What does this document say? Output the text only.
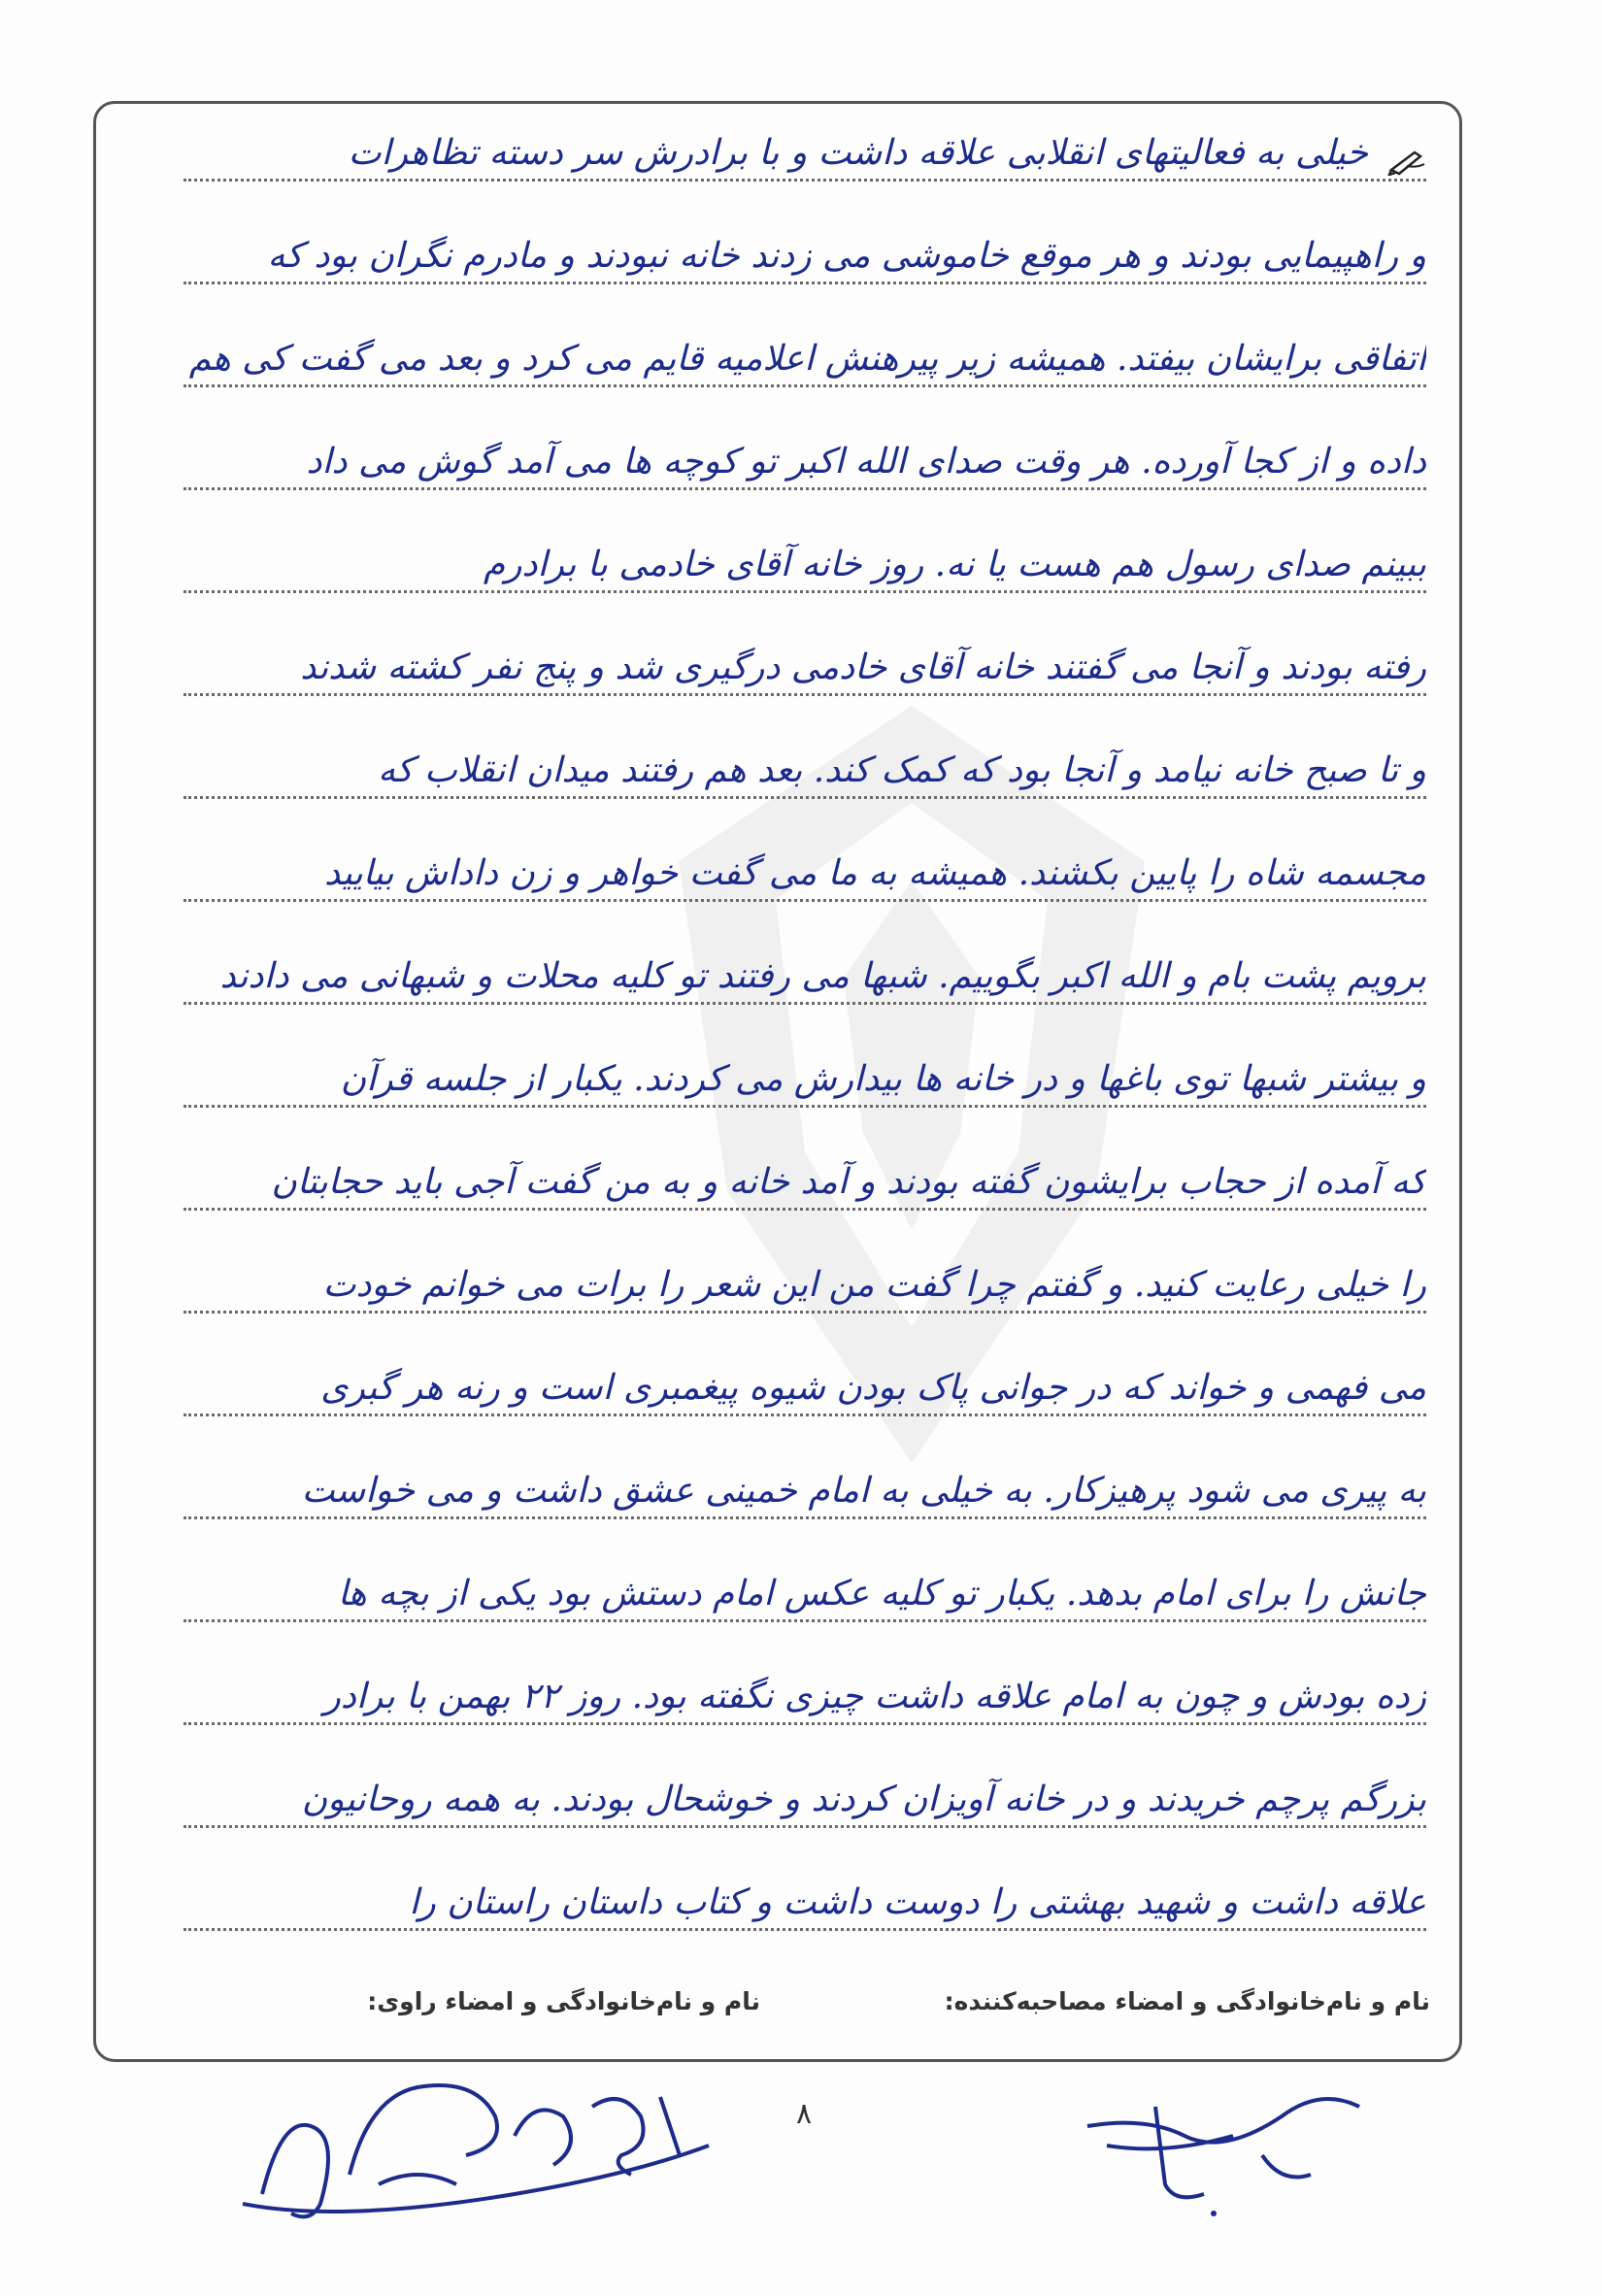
خیلی به فعالیتهای انقلابی علاقه داشت و با برادرش سر دسته تظاهرات
و راهپیمایی بودند و هر موقع خاموشی می زدند خانه نبودند و مادرم نگران بود که
اتفاقی برایشان بیفتد. همیشه زیر پیرهنش اعلامیه قایم می کرد و بعد می گفت کی هم
داده و از کجا آورده. هر وقت صدای الله اکبر تو کوچه ها می آمد گوش می داد
ببینم صدای رسول هم هست یا نه. روز خانه آقای خادمی با برادرم
رفته بودند و آنجا می گفتند خانه آقای خادمی درگیری شد و پنج نفر کشته شدند
و تا صبح خانه نیامد و آنجا بود که کمک کند. بعد هم رفتند میدان انقلاب که
مجسمه شاه را پایین بکشند. همیشه به ما می گفت خواهر و زن داداش بیایید
برویم پشت بام و الله اکبر بگوییم. شبها می رفتند تو کلیه محلات و شبهانی می دادند
و بیشتر شبها توی باغها و در خانه ها بیدارش می کردند. یکبار از جلسه قرآن
که آمده از حجاب برایشون گفته بودند و آمد خانه و به من گفت آجی باید حجابتان
را خیلی رعایت کنید. و گفتم چرا گفت من این شعر را برات می خوانم خودت
می فهمی و خواند که در جوانی پاک بودن شیوه پیغمبری است و رنه هر گبری
به پیری می شود پرهیزکار. به خیلی به امام خمینی عشق داشت و می خواست
جانش را برای امام بدهد. یکبار تو کلیه عکس امام دستش بود یکی از بچه ها
زده بودش و چون به امام علاقه داشت چیزی نگفته بود. روز ۲۲ بهمن با برادر
بزرگم پرچم خریدند و در خانه آویزان کردند و خوشحال بودند. به همه روحانیون
علاقه داشت و شهید بهشتی را دوست داشت و کتاب داستان راستان را
نام و نام‌خانوادگی و امضاء مصاحبه‌کننده:
نام و نام‌خانوادگی و امضاء راوی:
۸
